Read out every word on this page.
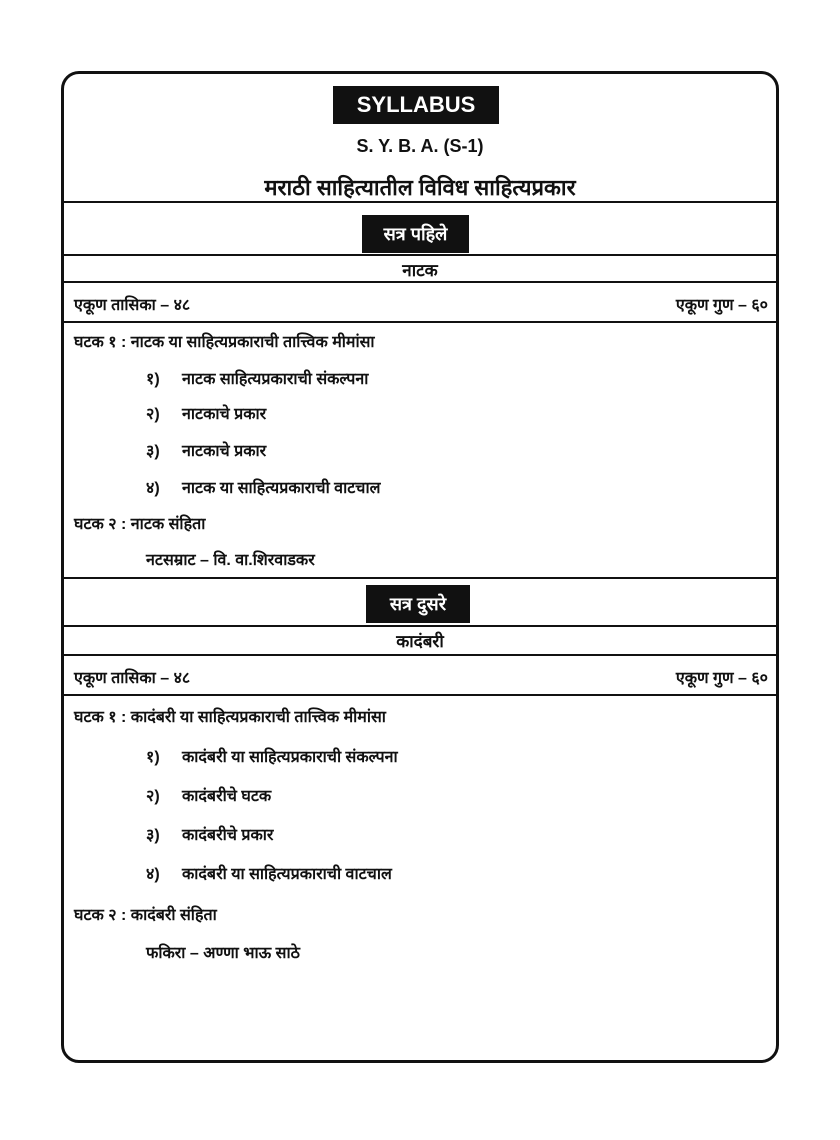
SYLLABUS
S. Y. B. A. (S-1)
मराठी साहित्यातील विविध साहित्यप्रकार
सत्र पहिले
नाटक
एकूण तासिका – ४८	एकूण गुण – ६०
घटक १ : नाटक या साहित्यप्रकाराची तात्त्विक मीमांसा
१) नाटक साहित्यप्रकाराची संकल्पना
२) नाटकाचे प्रकार
३) नाटकाचे प्रकार
४) नाटक या साहित्यप्रकाराची वाटचाल
घटक २ : नाटक संहिता
नटसम्राट – वि. वा.शिरवाडकर
सत्र दुसरे
कादंबरी
एकूण तासिका – ४८	एकूण गुण – ६०
घटक १ : कादंबरी या साहित्यप्रकाराची तात्त्विक मीमांसा
१) कादंबरी या साहित्यप्रकाराची संकल्पना
२) कादंबरीचे घटक
३) कादंबरीचे प्रकार
४) कादंबरी या साहित्यप्रकाराची वाटचाल
घटक २ : कादंबरी संहिता
फकिरा – अण्णा भाऊ साठे
